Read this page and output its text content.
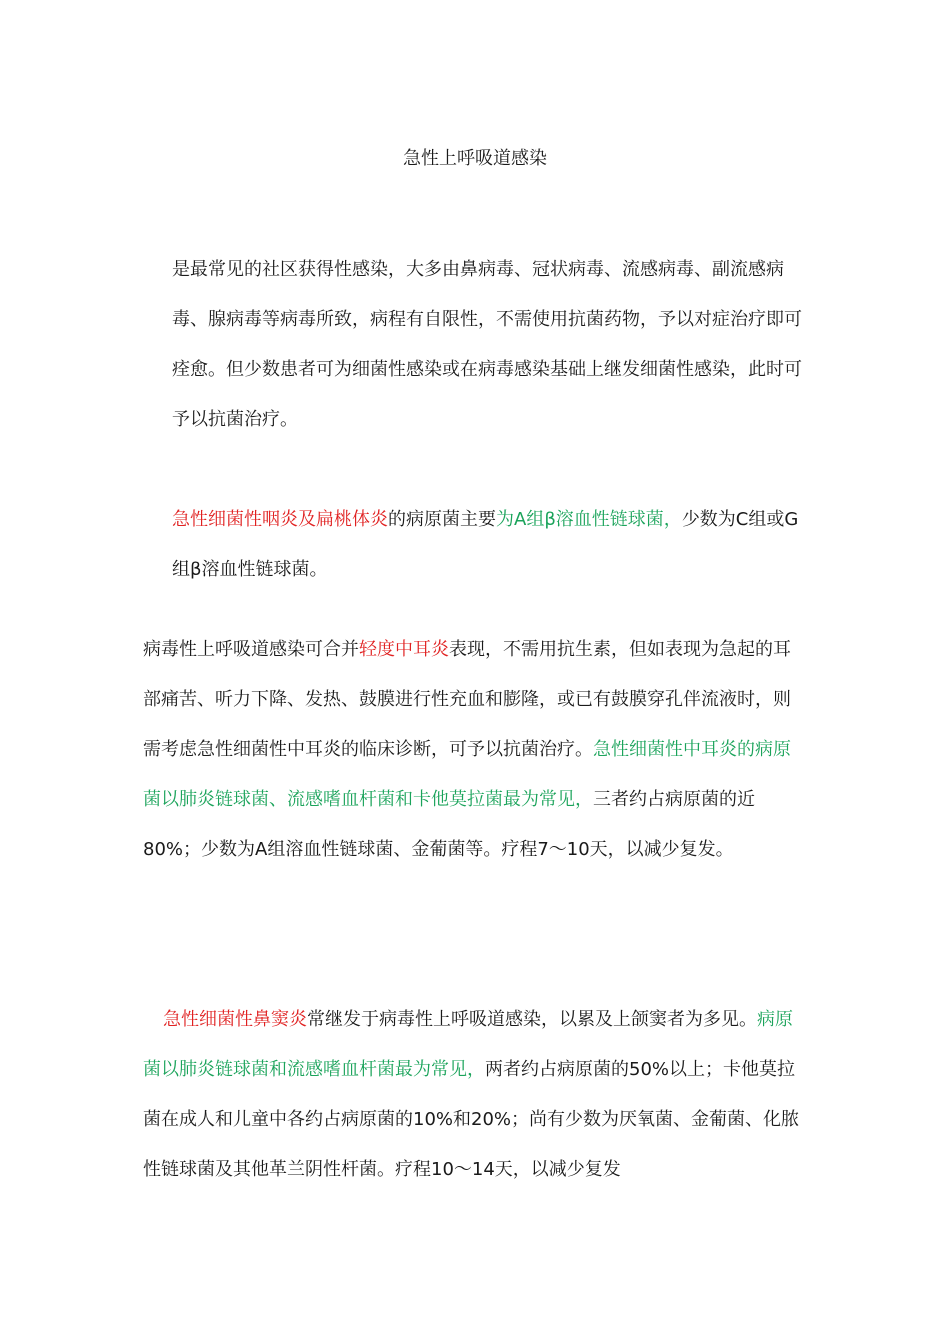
急性上呼吸道感染
是最常见的社区获得性感染，大多由鼻病毒、冠状病毒、流感病毒、副流感病毒、腺病毒等病毒所致，病程有自限性，不需使用抗菌药物，予以对症治疗即可痊愈。但少数患者可为细菌性感染或在病毒感染基础上继发细菌性感染，此时可予以抗菌治疗。
急性细菌性咽炎及扁桃体炎的病原菌主要为A组β溶血性链球菌，少数为C组或G组β溶血性链球菌。
病毒性上呼吸道感染可合并轻度中耳炎表现，不需用抗生素，但如表现为急起的耳部痛苦、听力下降、发热、鼓膜进行性充血和膨隆，或已有鼓膜穿孔伴流液时，则需考虑急性细菌性中耳炎的临床诊断，可予以抗菌治疗。急性细菌性中耳炎的病原菌以肺炎链球菌、流感嗜血杆菌和卡他莫拉菌最为常见，三者约占病原菌的近80%；少数为A组溶血性链球菌、金葡菌等。疗程7～10天，以减少复发。
急性细菌性鼻窦炎常继发于病毒性上呼吸道感染，以累及上颌窦者为多见。病原菌以肺炎链球菌和流感嗜血杆菌最为常见，两者约占病原菌的50%以上；卡他莫拉菌在成人和儿童中各约占病原菌的10%和20%；尚有少数为厌氧菌、金葡菌、化脓性链球菌及其他革兰阴性杆菌。疗程10～14天，以减少复发
